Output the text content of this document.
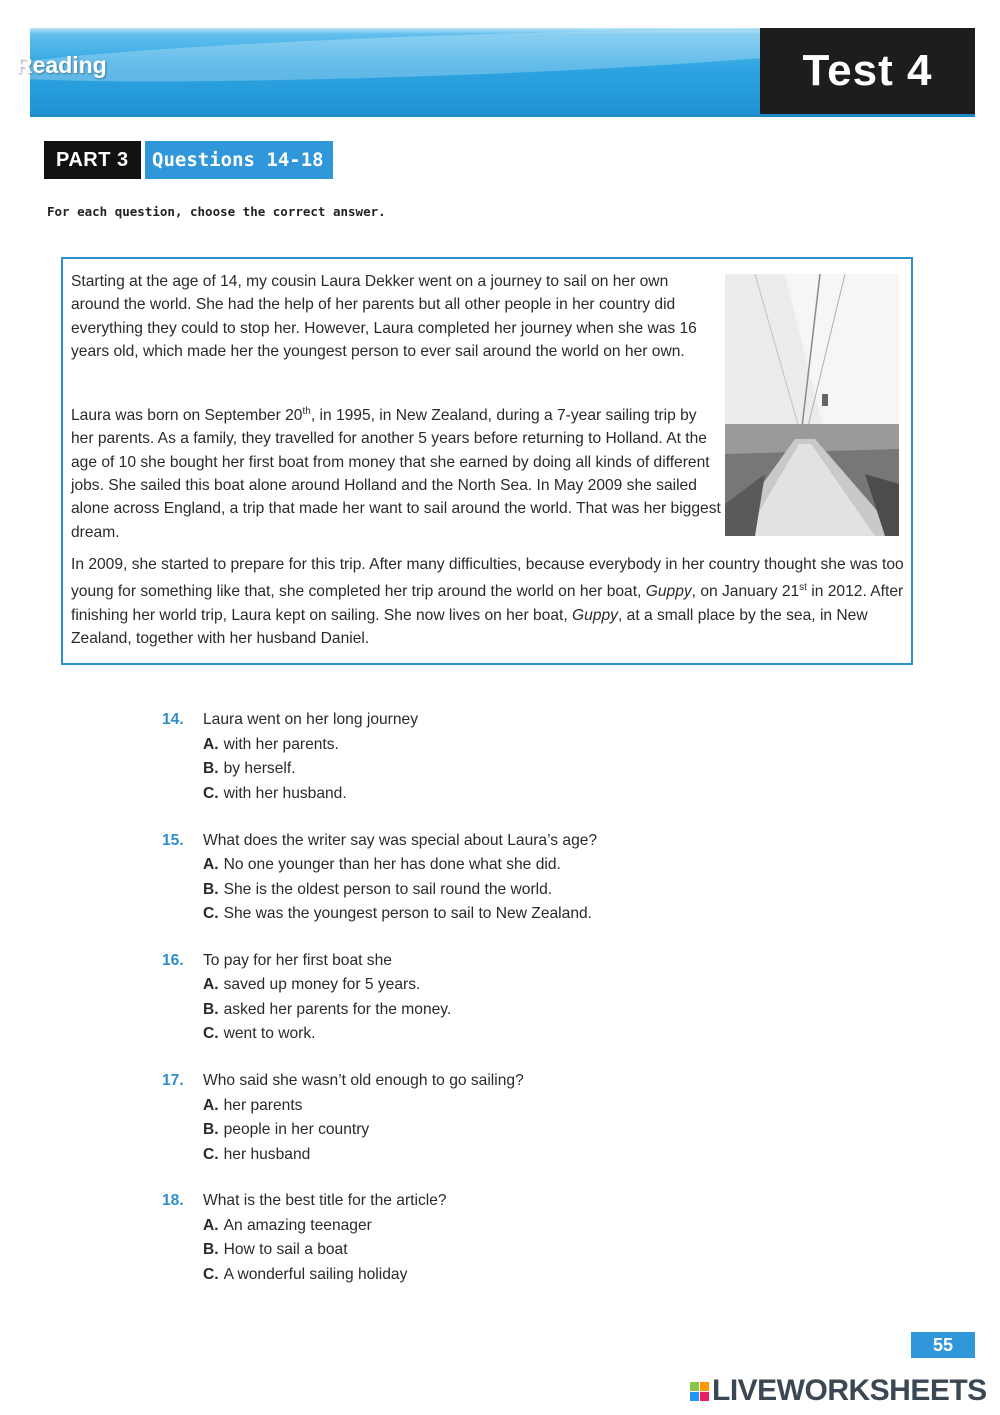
Reading	Test 4
PART 3	Questions 14-18
For each question, choose the correct answer.

Starting at the age of 14, my cousin Laura Dekker went on a journey to sail on her own around the world. She had the help of her parents but all other people in her country did everything they could to stop her. However, Laura completed her journey when she was 16 years old, which made her the youngest person to ever sail around the world on her own.

Laura was born on September 20th, in 1995, in New Zealand, during a 7-year sailing trip by her parents. As a family, they travelled for another 5 years before returning to Holland. At the age of 10 she bought her first boat from money that she earned by doing all kinds of different jobs. She sailed this boat alone around Holland and the North Sea. In May 2009 she sailed alone across England, a trip that made her want to sail around the world. That was her biggest dream.

In 2009, she started to prepare for this trip. After many difficulties, because everybody in her country thought she was too young for something like that, she completed her trip around the world on her boat, Guppy, on January 21st in 2012. After finishing her world trip, Laura kept on sailing. She now lives on her boat, Guppy, at a small place by the sea, in New Zealand, together with her husband Daniel.

14.	Laura went on her long journey
A. with her parents.
B. by herself.
C. with her husband.
15.	What does the writer say was special about Laura’s age?
A. No one younger than her has done what she did.
B. She is the oldest person to sail round the world.
C. She was the youngest person to sail to New Zealand.
16.	To pay for her first boat she
A. saved up money for 5 years.
B. asked her parents for the money.
C. went to work.
17.	Who said she wasn’t old enough to go sailing?
A. her parents
B. people in her country
C. her husband
18.	What is the best title for the article?
A. An amazing teenager
B. How to sail a boat
C. A wonderful sailing holiday
55
LIVEWORKSHEETS
